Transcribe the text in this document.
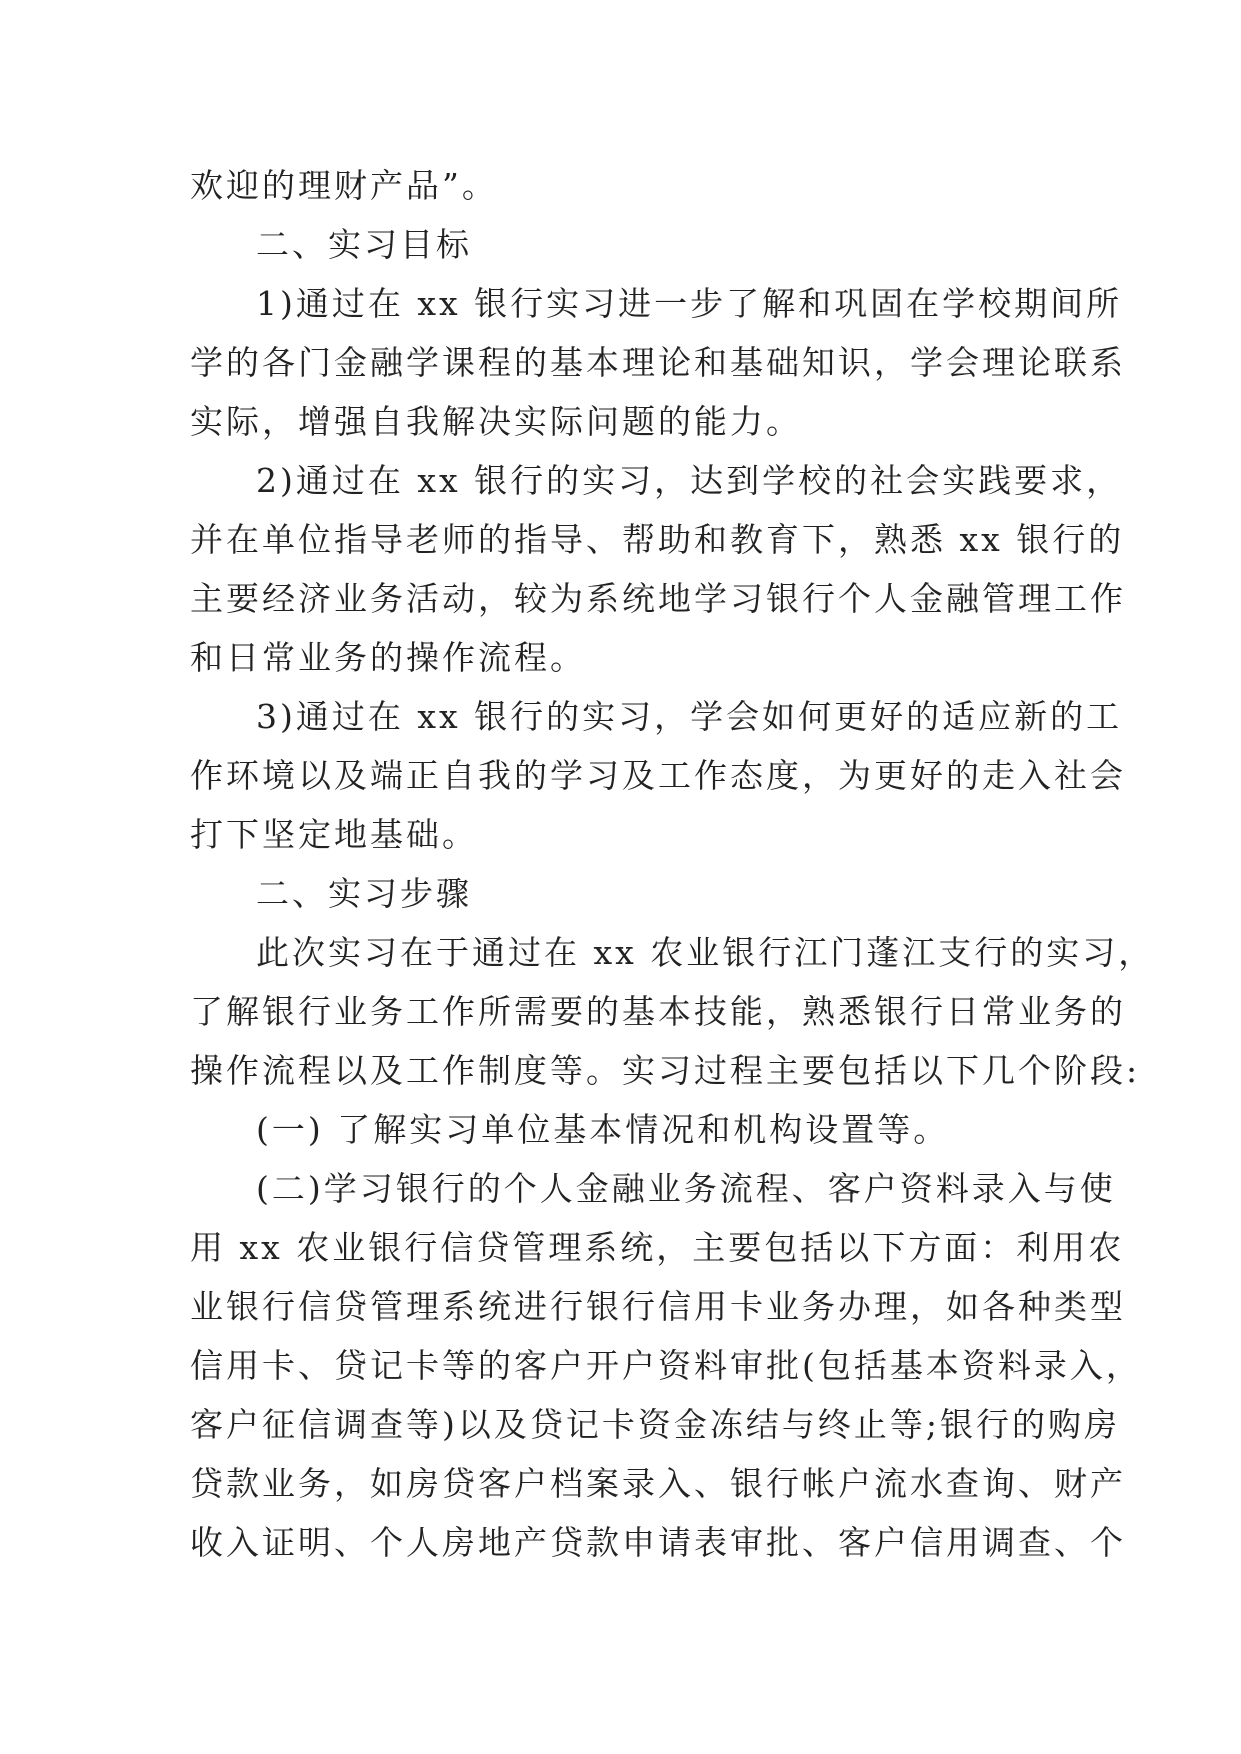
欢迎的理财产品”。
二、实习目标
1)通过在 xx 银行实习进一步了解和巩固在学校期间所
学的各门金融学课程的基本理论和基础知识，学会理论联系
实际，增强自我解决实际问题的能力。
2)通过在 xx 银行的实习，达到学校的社会实践要求，
并在单位指导老师的指导、帮助和教育下，熟悉 xx 银行的
主要经济业务活动，较为系统地学习银行个人金融管理工作
和日常业务的操作流程。
3)通过在 xx 银行的实习，学会如何更好的适应新的工
作环境以及端正自我的学习及工作态度，为更好的走入社会
打下坚定地基础。
二、实习步骤
此次实习在于通过在 xx 农业银行江门蓬江支行的实习，
了解银行业务工作所需要的基本技能，熟悉银行日常业务的
操作流程以及工作制度等。实习过程主要包括以下几个阶段:
(一) 了解实习单位基本情况和机构设置等。
(二)学习银行的个人金融业务流程、客户资料录入与使
用 xx 农业银行信贷管理系统，主要包括以下方面：利用农
业银行信贷管理系统进行银行信用卡业务办理，如各种类型
信用卡、贷记卡等的客户开户资料审批(包括基本资料录入，
客户征信调查等)以及贷记卡资金冻结与终止等;银行的购房
贷款业务，如房贷客户档案录入、银行帐户流水查询、财产
收入证明、个人房地产贷款申请表审批、客户信用调查、个
